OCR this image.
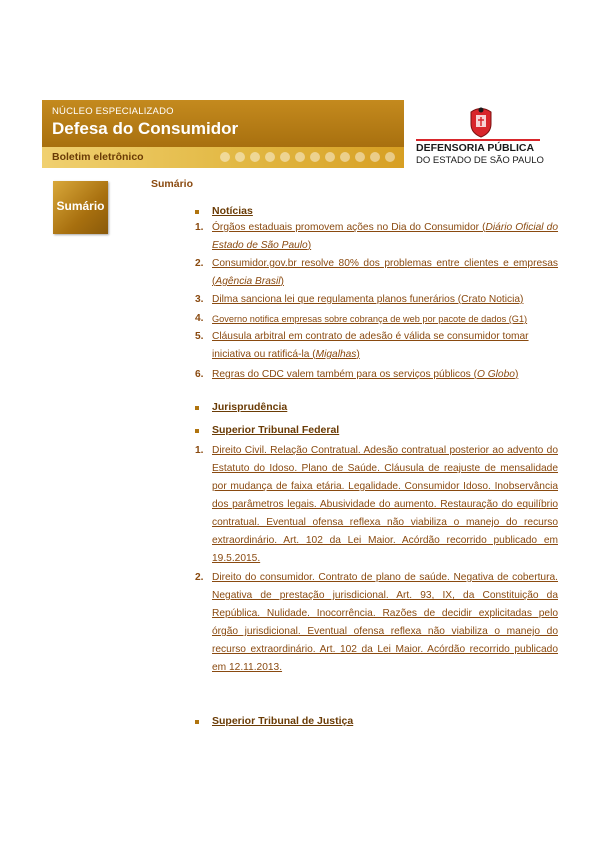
NÚCLEO ESPECIALIZADO
Defesa do Consumidor
Boletim eletrônico
DEFENSORIA PÚBLICA
DO ESTADO DE SÃO PAULO
Sumário
Sumário
Notícias
1. Órgãos estaduais promovem ações no Dia do Consumidor (Diário Oficial do Estado de São Paulo)
2. Consumidor.gov.br resolve 80% dos problemas entre clientes e empresas (Agência Brasil)
3. Dilma sanciona lei que regulamenta planos funerários (Crato Noticia)
4. Governo notifica empresas sobre cobrança de web por pacote de dados (G1)
5. Cláusula arbitral em contrato de adesão é válida se consumidor tomar iniciativa ou ratificá-la (Migalhas)
6. Regras do CDC valem também para os serviços públicos (O Globo)
Jurisprudência
Superior Tribunal Federal
1. Direito Civil. Relação Contratual. Adesão contratual posterior ao advento do Estatuto do Idoso. Plano de Saúde. Cláusula de reajuste de mensalidade por mudança de faixa etária. Legalidade. Consumidor Idoso. Inobservância dos parâmetros legais. Abusividade do aumento. Restauração do equilíbrio contratual. Eventual ofensa reflexa não viabiliza o manejo do recurso extraordinário. Art. 102 da Lei Maior. Acórdão recorrido publicado em 19.5.2015.
2. Direito do consumidor. Contrato de plano de saúde. Negativa de cobertura. Negativa de prestação jurisdicional. Art. 93, IX, da Constituição da República. Nulidade. Inocorrência. Razões de decidir explicitadas pelo órgão jurisdicional. Eventual ofensa reflexa não viabiliza o manejo do recurso extraordinário. Art. 102 da Lei Maior. Acórdão recorrido publicado em 12.11.2013.
Superior Tribunal de Justiça
